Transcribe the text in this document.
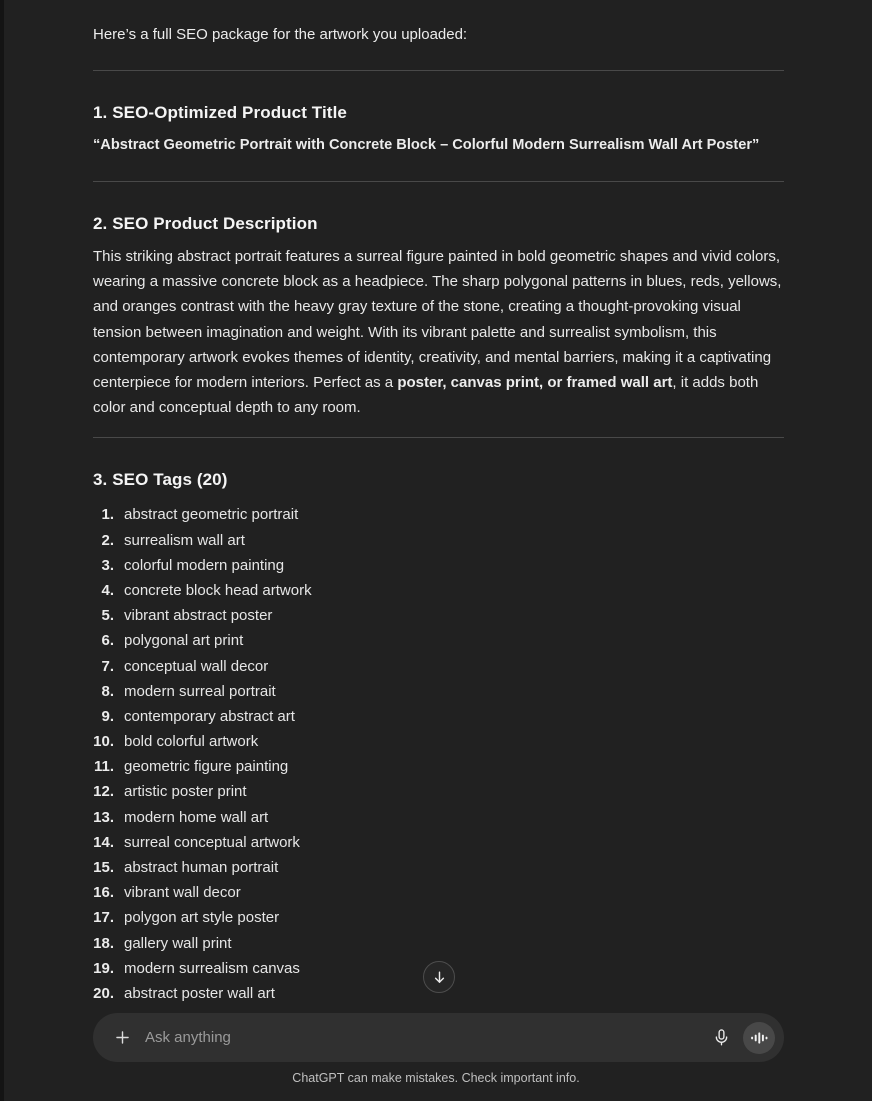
Here’s a full SEO package for the artwork you uploaded:

1. SEO-Optimized Product Title

“Abstract Geometric Portrait with Concrete Block – Colorful Modern Surrealism Wall Art Poster”

2. SEO Product Description

This striking abstract portrait features a surreal figure painted in bold geometric shapes and vivid colors, wearing a massive concrete block as a headpiece. The sharp polygonal patterns in blues, reds, yellows, and oranges contrast with the heavy gray texture of the stone, creating a thought-provoking visual tension between imagination and weight. With its vibrant palette and surrealist symbolism, this contemporary artwork evokes themes of identity, creativity, and mental barriers, making it a captivating centerpiece for modern interiors. Perfect as a poster, canvas print, or framed wall art, it adds both color and conceptual depth to any room.

3. SEO Tags (20)
1. abstract geometric portrait
2. surrealism wall art
3. colorful modern painting
4. concrete block head artwork
5. vibrant abstract poster
6. polygonal art print
7. conceptual wall decor
8. modern surreal portrait
9. contemporary abstract art
10. bold colorful artwork
11. geometric figure painting
12. artistic poster print
13. modern home wall art
14. surreal conceptual artwork
15. abstract human portrait
16. vibrant wall decor
17. polygon art style poster
18. gallery wall print
19. modern surrealism canvas
20. abstract poster wall art
Ask anything

ChatGPT can make mistakes. Check important info.
